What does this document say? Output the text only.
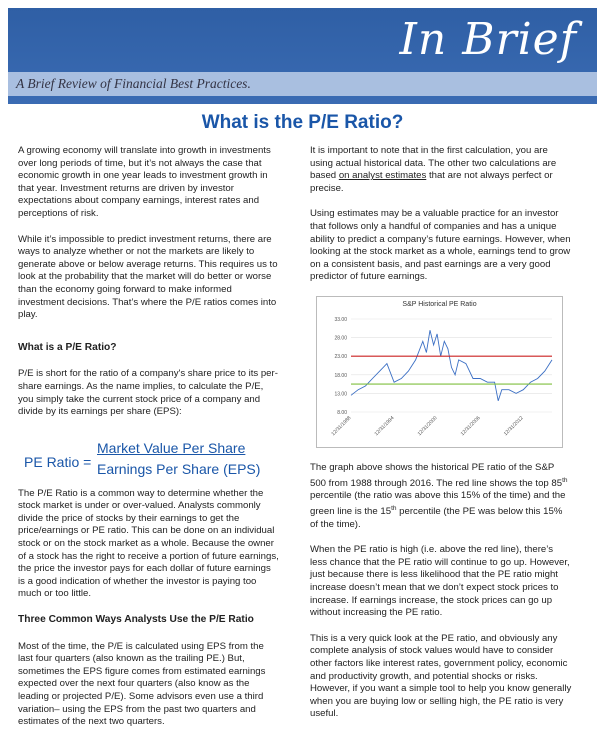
In Brief
A Brief Review of Financial Best Practices.
What is the P/E Ratio?

A growing economy will translate into growth in investments over long periods of time, but it’s not always the case that economic growth in one year leads to investment growth in that year. Investment returns are driven by investor expectations about company earnings, interest rates and perceptions of risk.

While it’s impossible to predict investment returns, there are ways to analyze whether or not the markets are likely to generate above or below average returns. This requires us to look at the probability that the market will do better or worse than the economy going forward to make informed investment decisions. That’s where the P/E ratios comes into play.

What is a P/E Ratio?

P/E is short for the ratio of a company's share price to its per-share earnings. As the name implies, to calculate the P/E, you simply take the current stock price of a company and divide by its earnings per share (EPS):

The P/E Ratio is a common way to determine whether the stock market is under or over-valued. Analysts commonly divide the price of stocks by their earnings to get the price/earnings or PE ratio. This can be done on an individual stock or on the stock market as a whole. Because the owner of a stock has the right to receive a portion of future earnings, the price the investor pays for each dollar of future earnings is a good indication of whether the investor is paying too much or too little.

Three Common Ways Analysts Use the P/E Ratio

Most of the time, the P/E is calculated using EPS from the last four quarters (also known as the trailing PE.) But, sometimes the EPS figure comes from estimated earnings expected over the next four quarters (also know as the leading or projected P/E). Some advisors even use a third variation– using the EPS from the past two quarters and estimates of the next two quarters.

PE Ratio =
Market Value Per Share
Earnings Per Share (EPS)

It is important to note that in the first calculation, you are using actual historical data. The other two calculations are based on analyst estimates that are not always perfect or precise.

Using estimates may be a valuable practice for an investor that follows only a handful of companies and has a unique ability to predict a company’s future earnings. However, when looking at the stock market as a whole, earnings tend to grow on a consistent basis, and past earnings are a very good predictor of future earnings.

The graph above shows the historical PE ratio of the S&P 500 from 1988 through 2016. The red line shows the top 85th percentile (the ratio was above this 15% of the time) and the green line is the 15th percentile (the PE was below this 15% of the time).

When the PE ratio is high (i.e. above the red line), there’s less chance that the PE ratio will continue to go up. However, just because there is less likelihood that the PE ratio might increase doesn’t mean that we don’t expect stock prices to increase. If earnings increase, the stock prices can go up without increasing the PE ratio.

This is a very quick look at the PE ratio, and obviously any complete analysis of stock values would have to consider other factors like interest rates, government policy, economic and productivity growth, and potential shocks or risks. However, if you want a simple tool to help you know generally when you are buying low or selling high, the PE ratio is very useful.

S&P Historical PE Ratio
8.00
13.00
18.00
23.00
28.00
33.00
12/31/1988	12/31/1994	12/31/2000	12/31/2006	12/31/2012
